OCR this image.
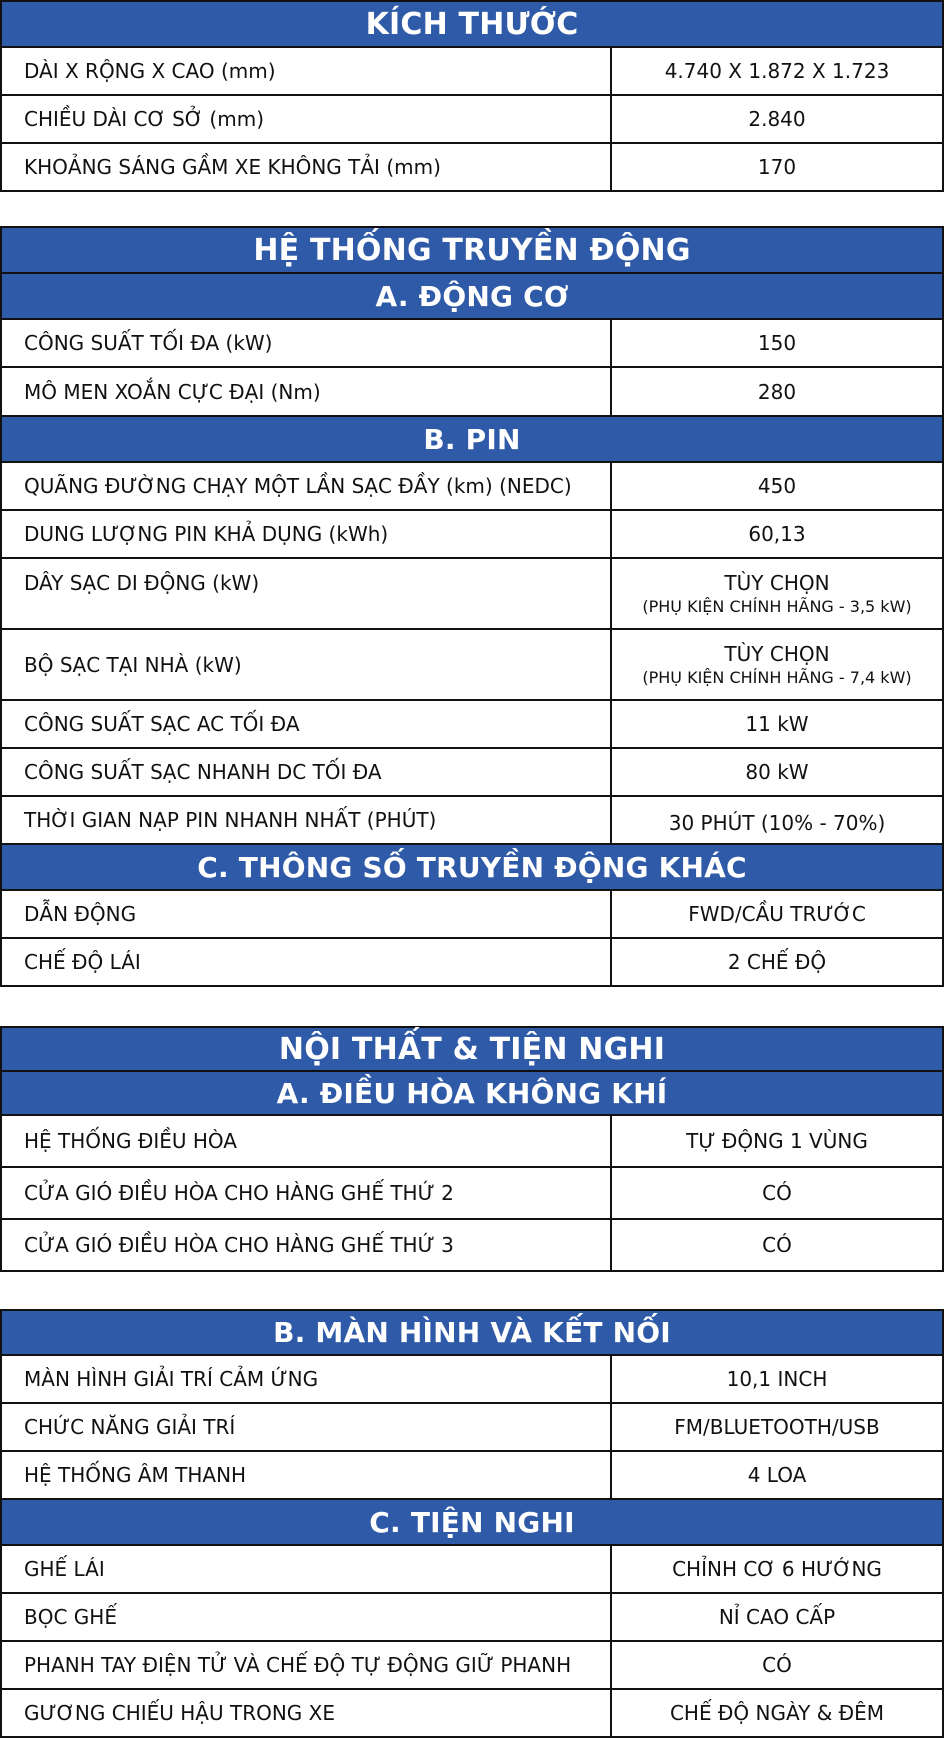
KÍCH THƯỚC
DÀI X RỘNG X CAO (mm)	4.740 X 1.872 X 1.723
CHIỀU DÀI CƠ SỞ (mm)	2.840
KHOẢNG SÁNG GẦM XE KHÔNG TẢI (mm)	170
HỆ THỐNG TRUYỀN ĐỘNG
A. ĐỘNG CƠ
CÔNG SUẤT TỐI ĐA (kW)	150
MÔ MEN XOẮN CỰC ĐẠI (Nm)	280
B. PIN
QUÃNG ĐƯỜNG CHẠY MỘT LẦN SẠC ĐẦY (km) (NEDC)	450
DUNG LƯỢNG PIN KHẢ DỤNG (kWh)	60,13
DÂY SẠC DI ĐỘNG (kW)	TÙY CHỌN
(PHỤ KIỆN CHÍNH HÃNG - 3,5 kW)
BỘ SẠC TẠI NHÀ (kW)	TÙY CHỌN
(PHỤ KIỆN CHÍNH HÃNG - 7,4 kW)
CÔNG SUẤT SẠC AC TỐI ĐA	11 kW
CÔNG SUẤT SẠC NHANH DC TỐI ĐA	80 kW
THỜI GIAN NẠP PIN NHANH NHẤT (PHÚT)	30 PHÚT (10% - 70%)
C. THÔNG SỐ TRUYỀN ĐỘNG KHÁC
DẪN ĐỘNG	FWD/CẦU TRƯỚC
CHẾ ĐỘ LÁI	2 CHẾ ĐỘ
NỘI THẤT & TIỆN NGHI
A. ĐIỀU HÒA KHÔNG KHÍ
HỆ THỐNG ĐIỀU HÒA	TỰ ĐỘNG 1 VÙNG
CỬA GIÓ ĐIỀU HÒA CHO HÀNG GHẾ THỨ 2	CÓ
CỬA GIÓ ĐIỀU HÒA CHO HÀNG GHẾ THỨ 3	CÓ
B. MÀN HÌNH VÀ KẾT NỐI
MÀN HÌNH GIẢI TRÍ CẢM ỨNG	10,1 INCH
CHỨC NĂNG GIẢI TRÍ	FM/BLUETOOTH/USB
HỆ THỐNG ÂM THANH	4 LOA
C. TIỆN NGHI
GHẾ LÁI	CHỈNH CƠ 6 HƯỚNG
BỌC GHẾ	NỈ CAO CẤP
PHANH TAY ĐIỆN TỬ VÀ CHẾ ĐỘ TỰ ĐỘNG GIỮ PHANH	CÓ
GƯƠNG CHIẾU HẬU TRONG XE	CHẾ ĐỘ NGÀY & ĐÊM
